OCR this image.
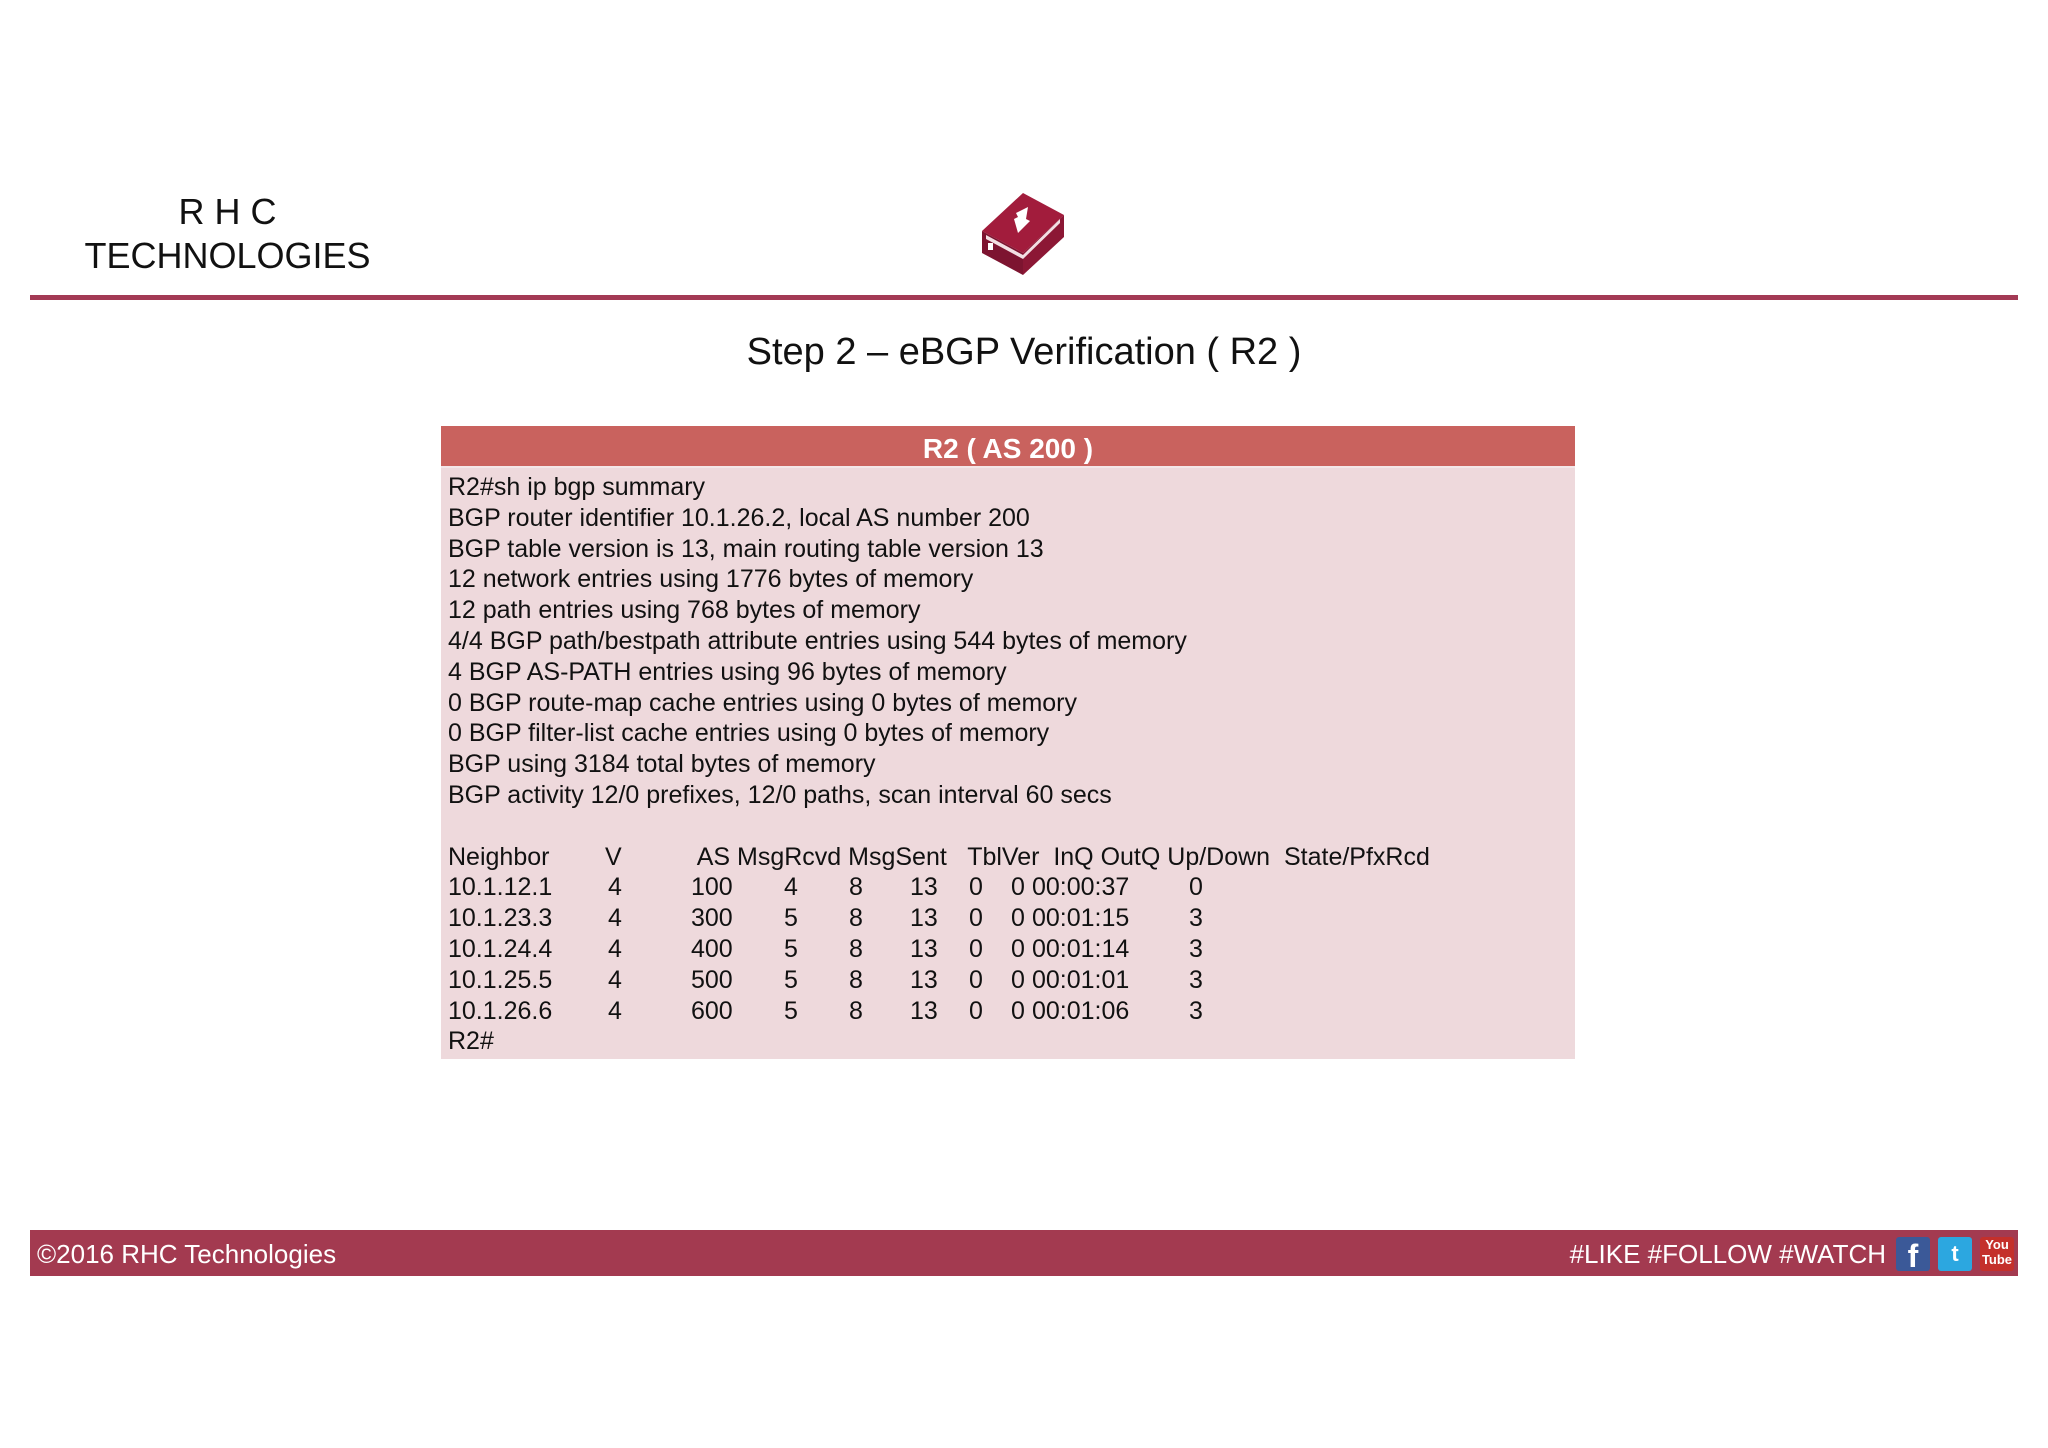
R H C
TECHNOLOGIES
Step 2 – eBGP Verification ( R2 )
R2 ( AS 200 )
R2#sh ip bgp summary
BGP router identifier 10.1.26.2, local AS number 200
BGP table version is 13, main routing table version 13
12 network entries using 1776 bytes of memory
12 path entries using 768 bytes of memory
4/4 BGP path/bestpath attribute entries using 544 bytes of memory
4 BGP AS-PATH entries using 96 bytes of memory
0 BGP route-map cache entries using 0 bytes of memory
0 BGP filter-list cache entries using 0 bytes of memory
BGP using 3184 total bytes of memory
BGP activity 12/0 prefixes, 12/0 paths, scan interval 60 secs
Neighbor        V           AS MsgRcvd MsgSent   TblVer  InQ OutQ Up/Down  State/PfxRcd
10.1.12.1 4	100 4 8 13 0 0 00:00:37 0
10.1.23.3 4	300 5 8 13 0 0 00:01:15 3
10.1.24.4 4	400 5 8 13 0 0 00:01:14 3
10.1.25.5 4	500 5 8 13 0 0 00:01:01 3
10.1.26.6 4	600 5 8 13 0 0 00:01:06 3
R2#
©2016 RHC Technologies	#LIKE #FOLLOW #WATCH f	t	You Tube
